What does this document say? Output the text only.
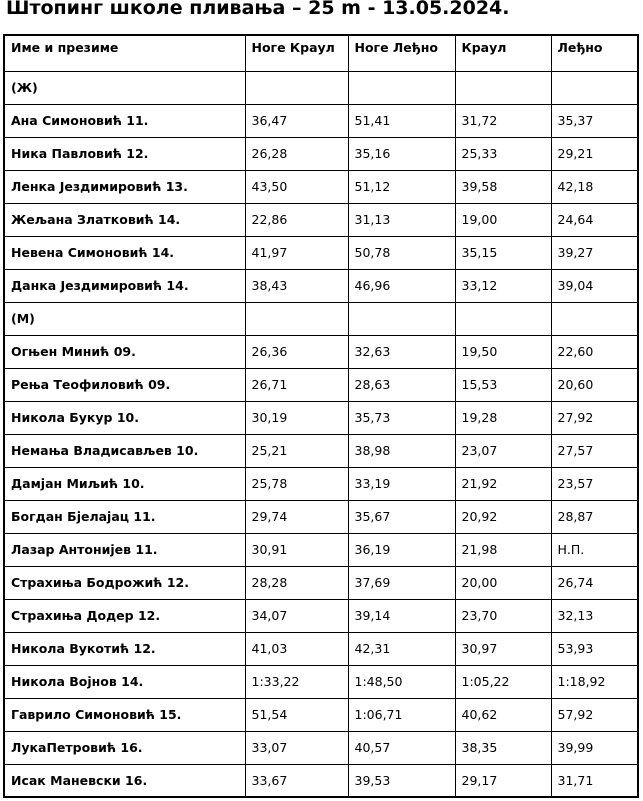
Штопинг школе пливања – 25 m - 13.05.2024.
Име и презиме	Ноге Краул	Ноге Леђно	Краул	Леђно
(Ж)				
Ана Симоновић 11.	36,47	51,41	31,72	35,37
Ника Павловић 12.	26,28	35,16	25,33	29,21
Ленка Јездимировић 13.	43,50	51,12	39,58	42,18
Жељана Златковић 14.	22,86	31,13	19,00	24,64
Невена Симоновић 14.	41,97	50,78	35,15	39,27
Данка Јездимировић 14.	38,43	46,96	33,12	39,04
(М)				
Огњен Минић 09.	26,36	32,63	19,50	22,60
Рења Теофиловић 09.	26,71	28,63	15,53	20,60
Никола Букур 10.	30,19	35,73	19,28	27,92
Немања Владисављев 10.	25,21	38,98	23,07	27,57
Дамјан Миљић 10.	25,78	33,19	21,92	23,57
Богдан Бјелајац 11.	29,74	35,67	20,92	28,87
Лазар Антонијев 11.	30,91	36,19	21,98	Н.П.
Страхиња Бодрожић 12.	28,28	37,69	20,00	26,74
Страхиња Додер 12.	34,07	39,14	23,70	32,13
Никола Вукотић 12.	41,03	42,31	30,97	53,93
Никола Војнов 14.	1:33,22	1:48,50	1:05,22	1:18,92
Гаврило Симоновић 15.	51,54	1:06,71	40,62	57,92
ЛукаПетровић 16.	33,07	40,57	38,35	39,99
Исак Маневски 16.	33,67	39,53	29,17	31,71
